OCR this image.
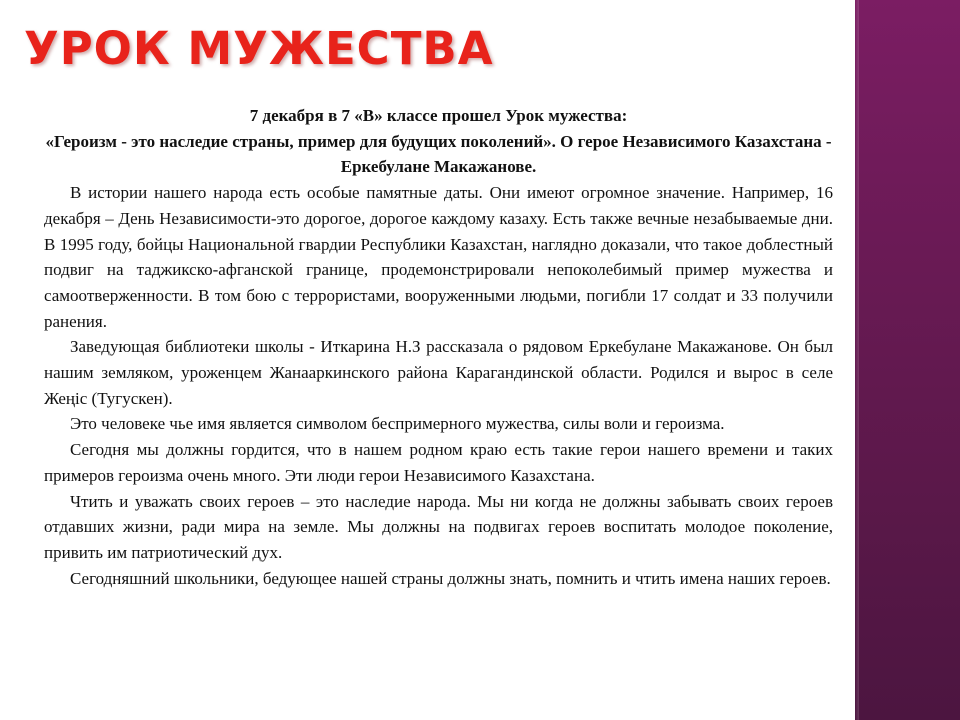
УРОК МУЖЕСТВА

7 декабря в 7 «В» классе прошел Урок мужества:

«Героизм - это наследие страны, пример для будущих поколений». О герое Независимого Казахстана - Еркебулане Макажанове.

В истории нашего народа есть особые памятные даты. Они имеют огромное значение. Например, 16 декабря – День Независимости-это дорогое, дорогое каждому казаху. Есть также вечные незабываемые дни. В 1995 году, бойцы Национальной гвардии Республики Казахстан, наглядно доказали, что такое доблестный подвиг на таджикско-афганской границе, продемонстрировали непоколебимый пример мужества и самоотверженности. В том бою с террористами, вооруженными людьми, погибли 17 солдат и 33 получили ранения.

Заведующая библиотеки школы - Иткарина Н.З рассказала о рядовом Еркебулане Макажанове. Он был нашим земляком, уроженцем Жанааркинского района Карагандинской области. Родился и вырос в селе Жеңіс (Тугускен).

Это человеке чье имя является символом беспримерного мужества, силы воли и героизма.

Сегодня мы должны гордится, что в нашем родном краю есть такие герои нашего времени и таких примеров героизма очень много. Эти люди герои Независимого Казахстана.

Чтить и уважать своих героев – это наследие народа. Мы ни когда не должны забывать своих героев отдавших жизни, ради мира на земле. Мы должны на подвигах героев воспитать молодое поколение, привить им патриотический дух.

Сегодняшний школьники, бедующее нашей страны должны знать, помнить и чтить имена наших героев.
